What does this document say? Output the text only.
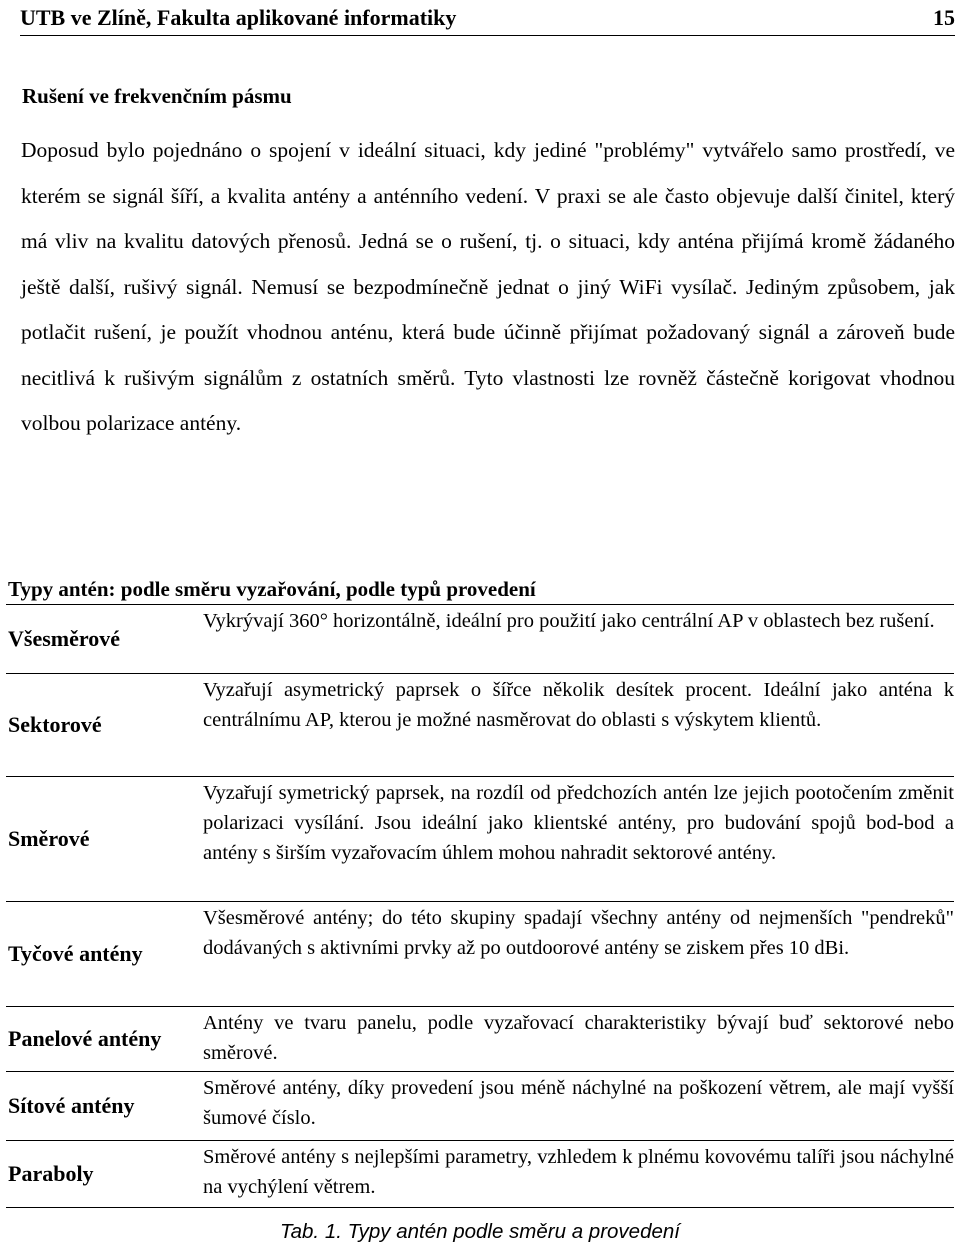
UTB ve Zlíně, Fakulta aplikované informatiky	15
Rušení ve frekvenčním pásmu

Doposud bylo pojednáno o spojení v ideální situaci, kdy jediné "problémy" vytvářelo samo prostředí, ve kterém se signál šíří, a kvalita antény a anténního vedení. V praxi se ale často objevuje další činitel, který má vliv na kvalitu datových přenosů. Jedná se o rušení, tj. o situaci, kdy anténa přijímá kromě žádaného ještě další, rušivý signál. Nemusí se bezpodmínečně jednat o jiný WiFi vysílač. Jediným způsobem, jak potlačit rušení, je použít vhodnou anténu, která bude účinně přijímat požadovaný signál a zároveň bude necitlivá k rušivým signálům z ostatních směrů. Tyto vlastnosti lze rovněž částečně korigovat vhodnou volbou polarizace antény.

Typy antén: podle směru vyzařování, podle typů provedení
Všesměrové
Vykrývají 360° horizontálně, ideální pro použití jako centrální AP v oblastech bez rušení.
Sektorové
Vyzařují asymetrický paprsek o šířce několik desítek procent. Ideální jako anténa k centrálnímu AP, kterou je možné nasměrovat do oblasti s výskytem klientů.
Směrové
Vyzařují symetrický paprsek, na rozdíl od předchozích antén lze jejich pootočením změnit polarizaci vysílání. Jsou ideální jako klientské antény, pro budování spojů bod-bod a antény s širším vyzařovacím úhlem mohou nahradit sektorové antény.
Tyčové antény
Všesměrové antény; do této skupiny spadají všechny antény od nejmenších "pendreků" dodávaných s aktivními prvky až po outdoorové antény se ziskem přes 10 dBi.
Panelové antény
Antény ve tvaru panelu, podle vyzařovací charakteristiky bývají buď sektorové nebo směrové.
Sítové antény
Směrové antény, díky provedení jsou méně náchylné na poškození větrem, ale mají vyšší šumové číslo.
Paraboly
Směrové antény s nejlepšími parametry, vzhledem k plnému kovovému talíři jsou náchylné na vychýlení větrem.
Tab. 1. Typy antén podle směru a provedení
